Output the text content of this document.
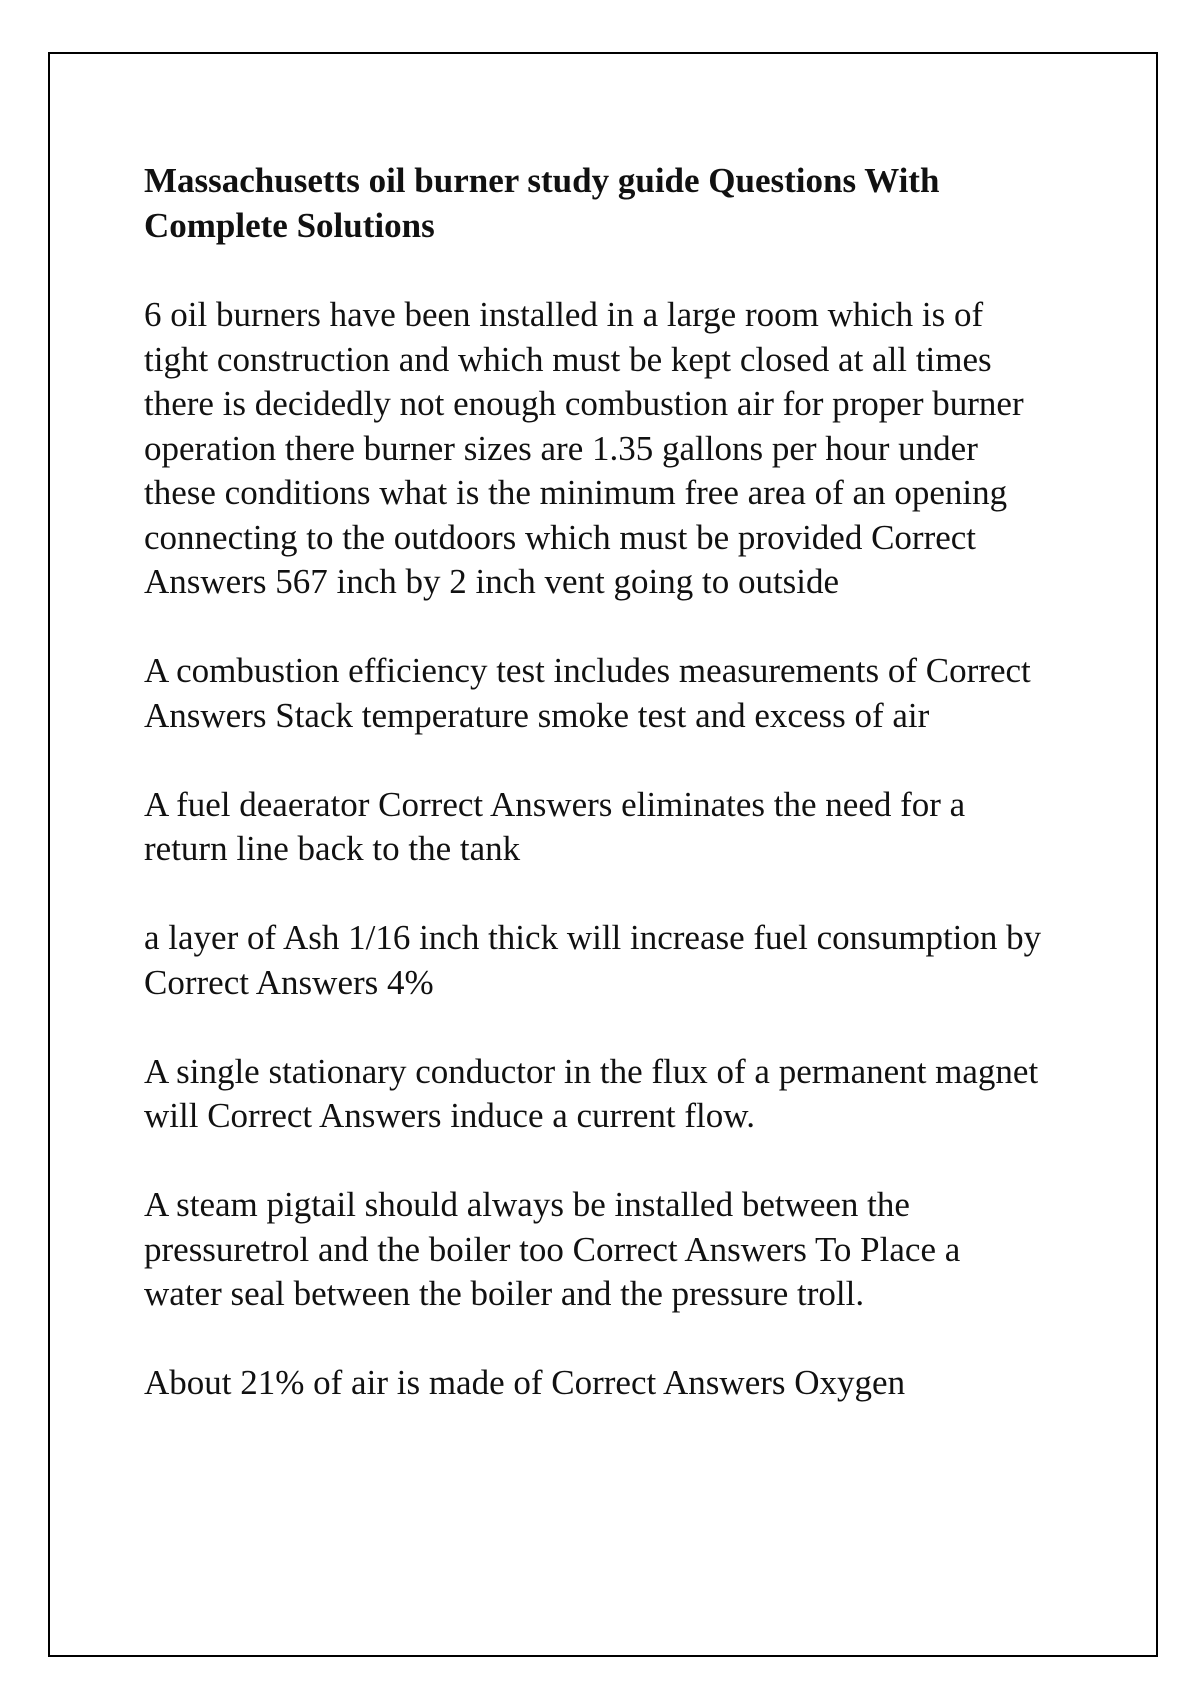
Massachusetts oil burner study guide Questions With
Complete Solutions

6 oil burners have been installed in a large room which is of
tight construction and which must be kept closed at all times
there is decidedly not enough combustion air for proper burner
operation there burner sizes are 1.35 gallons per hour under
these conditions what is the minimum free area of an opening
connecting to the outdoors which must be provided Correct
Answers 567 inch by 2 inch vent going to outside

A combustion efficiency test includes measurements of Correct
Answers Stack temperature smoke test and excess of air

A fuel deaerator Correct Answers eliminates the need for a
return line back to the tank

a layer of Ash 1/16 inch thick will increase fuel consumption by
Correct Answers 4%

A single stationary conductor in the flux of a permanent magnet
will Correct Answers induce a current flow.

A steam pigtail should always be installed between the
pressuretrol and the boiler too Correct Answers To Place a
water seal between the boiler and the pressure troll.

About 21% of air is made of Correct Answers Oxygen
